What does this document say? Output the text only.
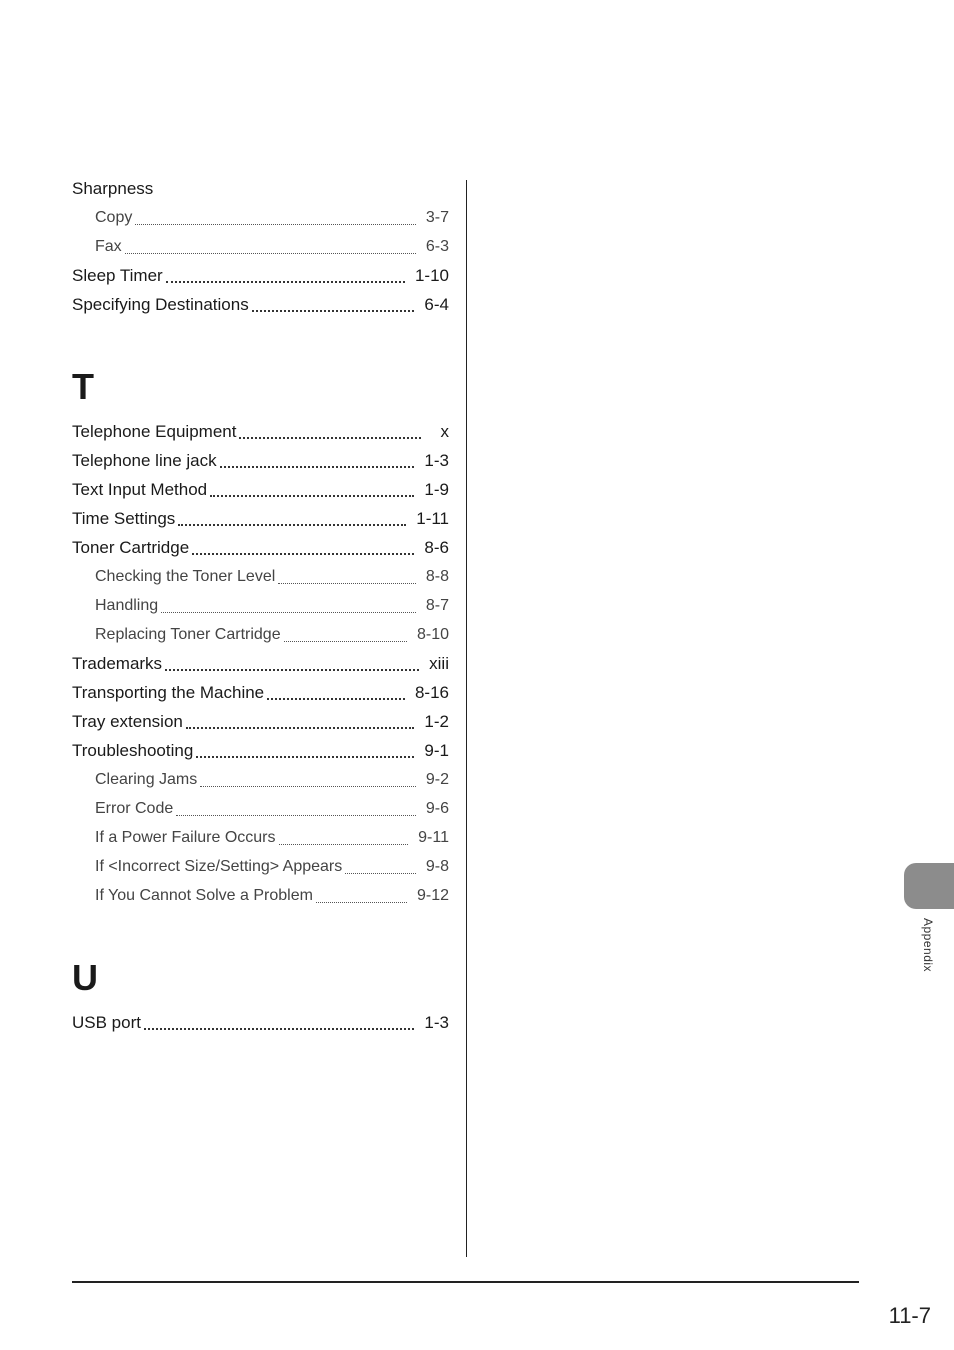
Sharpness
Copy	3-7
Fax	6-3
Sleep Timer	1-10
Specifying Destinations	6-4
T
Telephone Equipment	x
Telephone line jack	1-3
Text Input Method	1-9
Time Settings	1-11
Toner Cartridge	8-6
Checking the Toner Level	8-8
Handling	8-7
Replacing Toner Cartridge	8-10
Trademarks	xiii
Transporting the Machine	8-16
Tray extension	1-2
Troubleshooting	9-1
Clearing Jams	9-2
Error Code	9-6
If a Power Failure Occurs	9-11
If <Incorrect Size/Setting> Appears	9-8
If You Cannot Solve a Problem	9-12
U
USB port	1-3
Appendix
11-7
